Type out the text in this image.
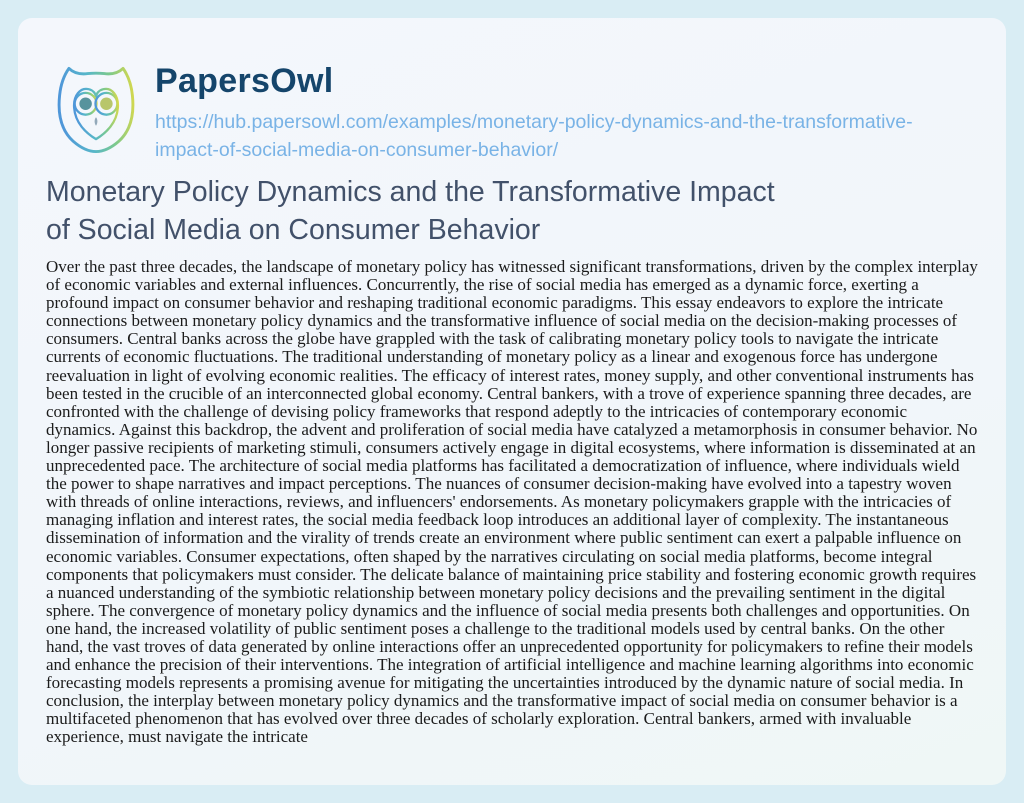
PapersOwl
https://hub.papersowl.com/examples/monetary-policy-dynamics-and-the-transformative-impact-of-social-media-on-consumer-behavior/
Monetary Policy Dynamics and the Transformative Impact of Social Media on Consumer Behavior
Over the past three decades, the landscape of monetary policy has witnessed significant transformations, driven by the complex interplay of economic variables and external influences. Concurrently, the rise of social media has emerged as a dynamic force, exerting a profound impact on consumer behavior and reshaping traditional economic paradigms. This essay endeavors to explore the intricate connections between monetary policy dynamics and the transformative influence of social media on the decision-making processes of consumers. Central banks across the globe have grappled with the task of calibrating monetary policy tools to navigate the intricate currents of economic fluctuations. The traditional understanding of monetary policy as a linear and exogenous force has undergone reevaluation in light of evolving economic realities. The efficacy of interest rates, money supply, and other conventional instruments has been tested in the crucible of an interconnected global economy. Central bankers, with a trove of experience spanning three decades, are confronted with the challenge of devising policy frameworks that respond adeptly to the intricacies of contemporary economic dynamics. Against this backdrop, the advent and proliferation of social media have catalyzed a metamorphosis in consumer behavior. No longer passive recipients of marketing stimuli, consumers actively engage in digital ecosystems, where information is disseminated at an unprecedented pace. The architecture of social media platforms has facilitated a democratization of influence, where individuals wield the power to shape narratives and impact perceptions. The nuances of consumer decision-making have evolved into a tapestry woven with threads of online interactions, reviews, and influencers' endorsements. As monetary policymakers grapple with the intricacies of managing inflation and interest rates, the social media feedback loop introduces an additional layer of complexity. The instantaneous dissemination of information and the virality of trends create an environment where public sentiment can exert a palpable influence on economic variables. Consumer expectations, often shaped by the narratives circulating on social media platforms, become integral components that policymakers must consider. The delicate balance of maintaining price stability and fostering economic growth requires a nuanced understanding of the symbiotic relationship between monetary policy decisions and the prevailing sentiment in the digital sphere. The convergence of monetary policy dynamics and the influence of social media presents both challenges and opportunities. On one hand, the increased volatility of public sentiment poses a challenge to the traditional models used by central banks. On the other hand, the vast troves of data generated by online interactions offer an unprecedented opportunity for policymakers to refine their models and enhance the precision of their interventions. The integration of artificial intelligence and machine learning algorithms into economic forecasting models represents a promising avenue for mitigating the uncertainties introduced by the dynamic nature of social media. In conclusion, the interplay between monetary policy dynamics and the transformative impact of social media on consumer behavior is a multifaceted phenomenon that has evolved over three decades of scholarly exploration. Central bankers, armed with invaluable experience, must navigate the intricate
